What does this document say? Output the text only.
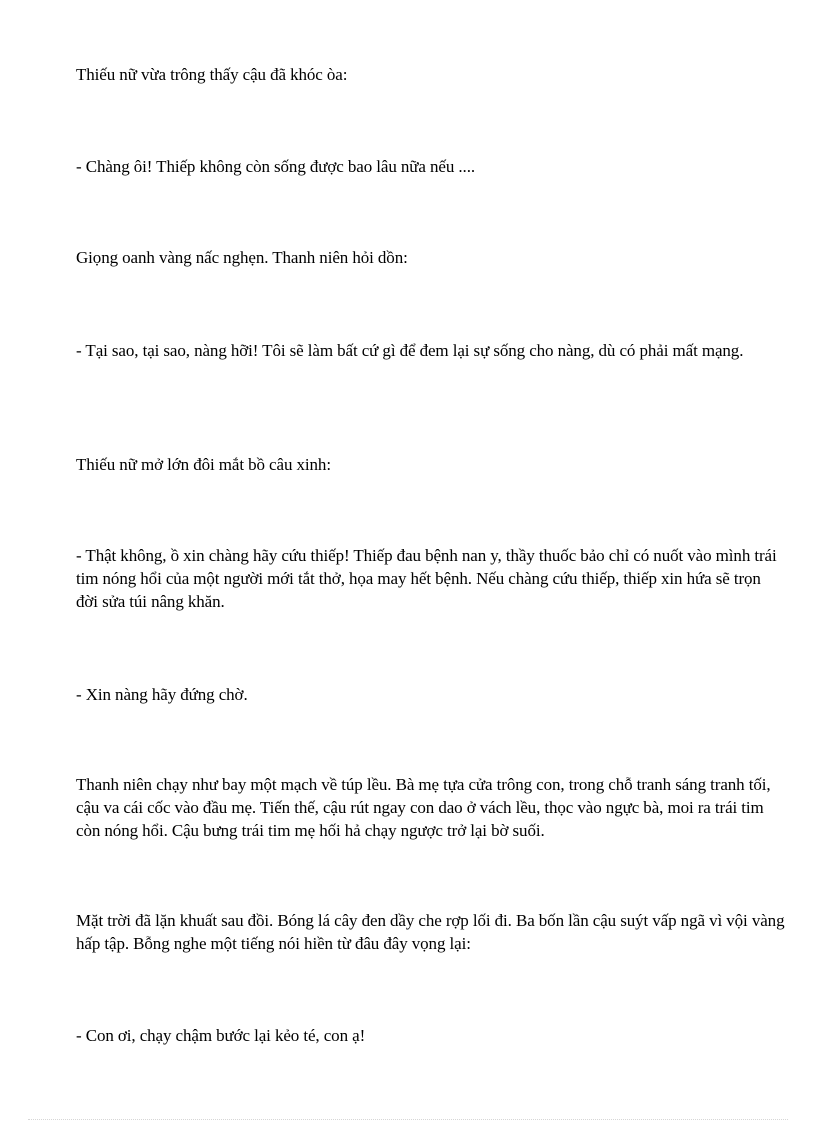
Thiếu nữ vừa trông thấy cậu đã khóc òa:

- Chàng ôi! Thiếp không còn sống được bao lâu nữa nếu ....

Giọng oanh vàng nấc nghẹn. Thanh niên hỏi dồn:

- Tại sao, tại sao, nàng hỡi! Tôi sẽ làm bất cứ gì để đem lại sự sống cho nàng, dù có phải mất mạng.

Thiếu nữ mở lớn đôi mắt bồ câu xinh:

- Thật không, ồ xin chàng hãy cứu thiếp! Thiếp đau bệnh nan y, thầy thuốc bảo chỉ có nuốt vào mình trái tim nóng hổi của một người mới tắt thở, họa may hết bệnh. Nếu chàng cứu thiếp, thiếp xin hứa sẽ trọn đời sửa túi nâng khăn.

- Xin nàng hãy đứng chờ.

Thanh niên chạy như bay một mạch về túp lều. Bà mẹ tựa cửa trông con, trong chỗ tranh sáng tranh tối, cậu va cái cốc vào đầu mẹ. Tiến thế, cậu rút ngay con dao ở vách lều, thọc vào ngực bà, moi ra trái tim còn nóng hổi. Cậu bưng trái tim mẹ hối hả chạy ngược trở lại bờ suối.

Mặt trời đã lặn khuất sau đồi. Bóng lá cây đen dầy che rợp lối đi. Ba bốn lần cậu suýt vấp ngã vì vội vàng hấp tập. Bỗng nghe một tiếng nói hiền từ đâu đây vọng lại:

- Con ơi, chạy chậm bước lại kẻo té, con ạ!
